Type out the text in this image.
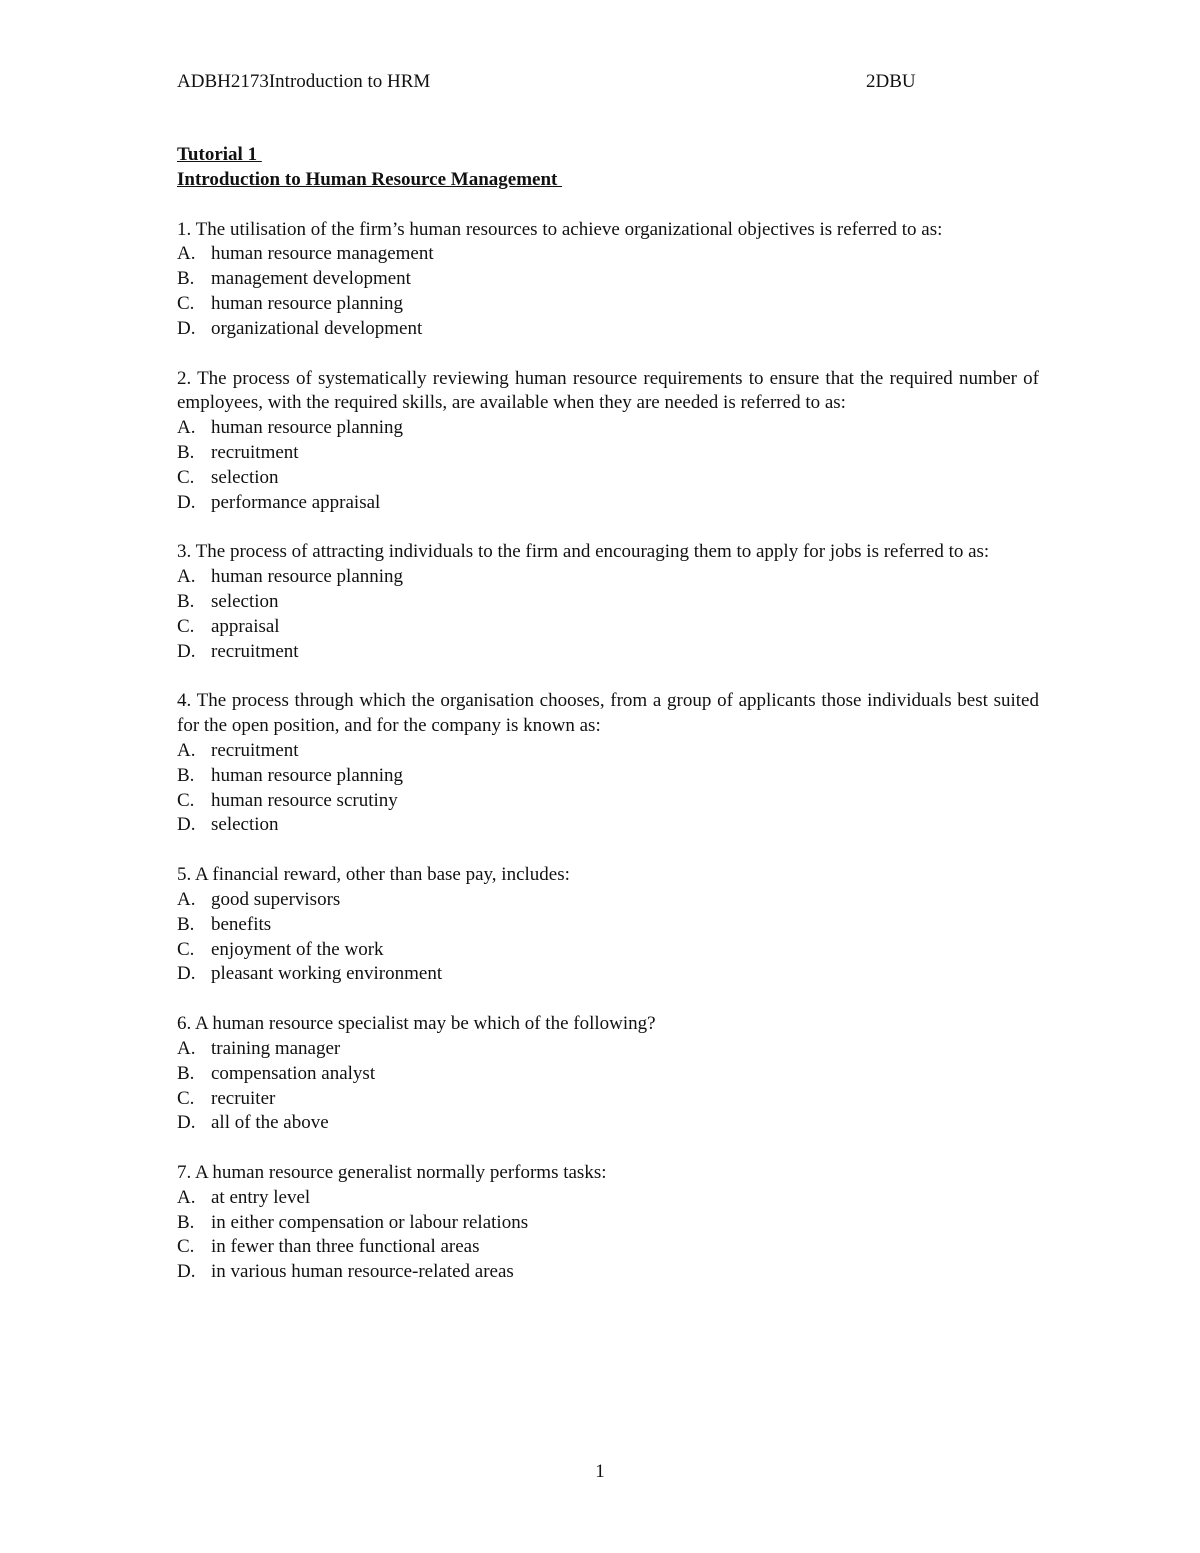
ADBH2173Introduction to HRM	2DBU
Tutorial 1
Introduction to Human Resource Management
1. The utilisation of the firm’s human resources to achieve organizational objectives is referred to as:
A. human resource management
B. management development
C. human resource planning
D. organizational development
2. The process of systematically reviewing human resource requirements to ensure that the required number of employees, with the required skills, are available when they are needed is referred to as:
A. human resource planning
B. recruitment
C. selection
D. performance appraisal
3. The process of attracting individuals to the firm and encouraging them to apply for jobs is referred to as:
A. human resource planning
B. selection
C. appraisal
D. recruitment
4. The process through which the organisation chooses, from a group of applicants those individuals best suited for the open position, and for the company is known as:
A. recruitment
B. human resource planning
C. human resource scrutiny
D. selection
5. A financial reward, other than base pay, includes:
A. good supervisors
B. benefits
C. enjoyment of the work
D. pleasant working environment
6. A human resource specialist may be which of the following?
A. training manager
B. compensation analyst
C. recruiter
D. all of the above
7. A human resource generalist normally performs tasks:
A. at entry level
B. in either compensation or labour relations
C. in fewer than three functional areas
D. in various human resource-related areas
1
